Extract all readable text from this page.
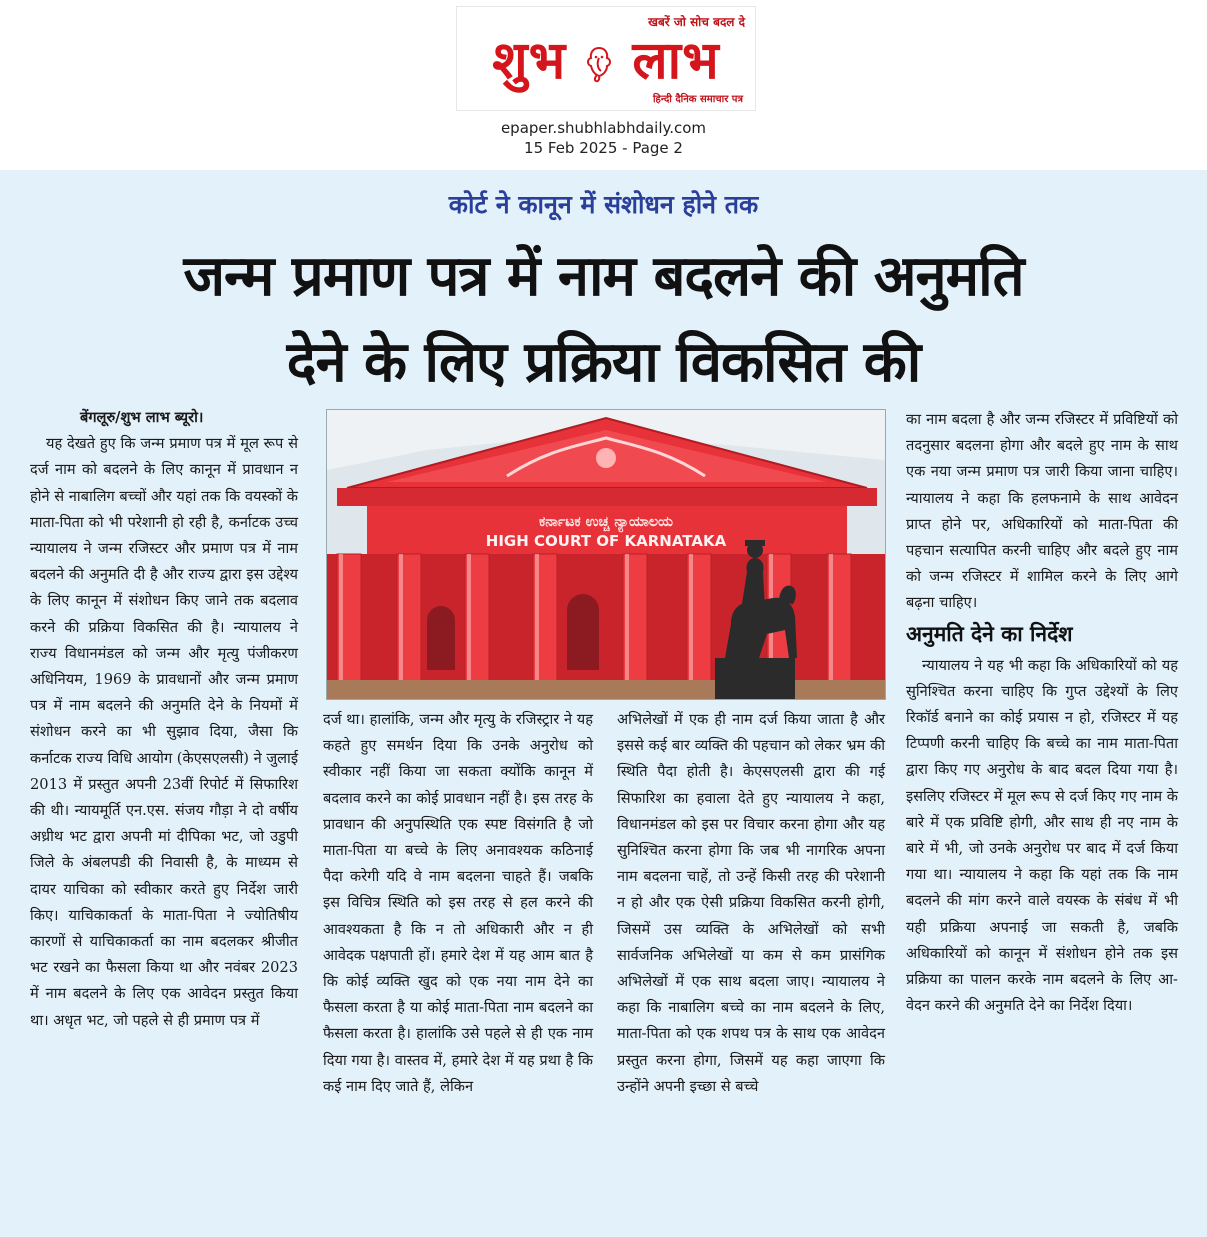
खबरें जो सोच बदल दे
शुभ लाभ
हिन्दी दैनिक समाचार पत्र
epaper.shubhlabhdaily.com
15 Feb 2025 - Page 2
कोर्ट ने कानून में संशोधन होने तक
जन्म प्रमाण पत्र में नाम बदलने की अनुमति
देने के लिए प्रक्रिया विकसित की

बेंगलूरु/शुभ लाभ ब्यूरो।

यह देखते हुए कि जन्म प्रमाण पत्र में मूल रूप से दर्ज नाम को बदलने के लिए कानून में प्रावधान न होने से नाबालिग बच्चों और यहां तक कि वयस्कों के माता-पिता को भी परेशानी हो रही है, कर्नाटक उच्च न्यायालय ने जन्म रजिस्टर और प्रमाण पत्र में नाम बदलने की अनुमति दी है और राज्य द्वारा इस उद्देश्य के लिए कानून में संशोधन किए जाने तक बदलाव करने की प्रक्रिया विकसित की है। न्यायालय ने राज्य विधानमंडल को जन्म और मृत्यु पंजीकरण अधिनियम, 1969 के प्रावधानों और जन्म प्रमाण पत्र में नाम बदलने की अनुमति देने के नियमों में संशोधन करने का भी सुझाव दिया, जैसा कि कर्नाटक राज्य विधि आयोग (केएसएलसी) ने जुलाई 2013 में प्रस्तुत अपनी 23वीं रिपोर्ट में सिफारिश की थी। न्यायमूर्ति एन.एस. संजय गौड़ा ने दो वर्षीय अध्रीथ भट द्वारा अपनी मां दीपिका भट, जो उडुपी जिले के अंबलपडी की निवासी है, के माध्यम से दायर याचिका को स्वीकार करते हुए निर्देश जारी किए। याचिकाकर्ता के माता-पिता ने ज्योतिषीय कारणों से याचिकाकर्ता का नाम बदलकर श्रीजीत भट रखने का फैसला किया था और नवंबर 2023 में नाम बदलने के लिए एक आवेदन प्रस्तुत किया था। अधृत भट, जो पहले से ही प्रमाण पत्र में

ಕರ್ನಾಟಕ ಉಚ್ಚ ನ್ಯಾಯಾಲಯ
HIGH COURT OF KARNATAKA

दर्ज था। हालांकि, जन्म और मृत्यु के रजिस्ट्रार ने यह कहते हुए समर्थन दिया कि उनके अनुरोध को स्वीकार नहीं किया जा सकता क्योंकि कानून में बदलाव करने का कोई प्रावधान नहीं है। इस तरह के प्रावधान की अनुपस्थिति एक स्पष्ट विसंगति है जो माता-पिता या बच्चे के लिए अनावश्यक कठिनाई पैदा करेगी यदि वे नाम बदलना चाहते हैं। जबकि इस विचित्र स्थिति को इस तरह से हल करने की आवश्यकता है कि न तो अधिकारी और न ही आवेदक पक्षपाती हों। हमारे देश में यह आम बात है कि कोई व्यक्ति खुद को एक नया नाम देने का फैसला करता है या कोई माता-पिता नाम बदलने का फैसला करता है। हालांकि उसे पहले से ही एक नाम दिया गया है। वास्तव में, हमारे देश में यह प्रथा है कि कई नाम दिए जाते हैं, लेकिन

अभिलेखों में एक ही नाम दर्ज किया जाता है और इससे कई बार व्यक्ति की पहचान को लेकर भ्रम की स्थिति पैदा होती है। केएसएलसी द्वारा की गई सिफारिश का हवाला देते हुए न्यायालय ने कहा, विधानमंडल को इस पर विचार करना होगा और यह सुनिश्चित करना होगा कि जब भी नागरिक अपना नाम बदलना चाहें, तो उन्हें किसी तरह की परेशानी न हो और एक ऐसी प्रक्रिया विकसित करनी होगी, जिसमें उस व्यक्ति के अभिलेखों को सभी सार्वजनिक अभिलेखों या कम से कम प्रासंगिक अभिलेखों में एक साथ बदला जाए। न्यायालय ने कहा कि नाबालिग बच्चे का नाम बदलने के लिए, माता-पिता को एक शपथ पत्र के साथ एक आवेदन प्रस्तुत करना होगा, जिसमें यह कहा जाएगा कि उन्होंने अपनी इच्छा से बच्चे

का नाम बदला है और जन्म रजिस्टर में प्रविष्टियों को तदनुसार बदलना होगा और बदले हुए नाम के साथ एक नया जन्म प्रमाण पत्र जारी किया जाना चाहिए। न्यायालय ने कहा कि हलफनामे के साथ आवेदन प्राप्त होने पर, अधिकारियों को माता-पिता की पहचान सत्यापित करनी चाहिए और बदले हुए नाम को जन्म रजिस्टर में शामिल करने के लिए आगे बढ़ना चाहिए।

अनुमति देने का निर्देश

न्यायालय ने यह भी कहा कि अधिकारियों को यह सुनिश्चित करना चाहिए कि गुप्त उद्देश्यों के लिए रिकॉर्ड बनाने का कोई प्रयास न हो, रजिस्टर में यह टिप्पणी करनी चाहिए कि बच्चे का नाम माता-पिता द्वारा किए गए अनुरोध के बाद बदल दिया गया है। इसलिए रजिस्टर में मूल रूप से दर्ज किए गए नाम के बारे में एक प्रविष्टि होगी, और साथ ही नए नाम के बारे में भी, जो उनके अनुरोध पर बाद में दर्ज किया गया था। न्यायालय ने कहा कि यहां तक कि नाम बदलने की मांग करने वाले वयस्क के संबंध में भी यही प्रक्रिया अपनाई जा सकती है, जबकि अधिकारियों को कानून में संशोधन होने तक इस प्रक्रिया का पालन करके नाम बदलने के लिए आ-वेदन करने की अनुमति देने का निर्देश दिया।
